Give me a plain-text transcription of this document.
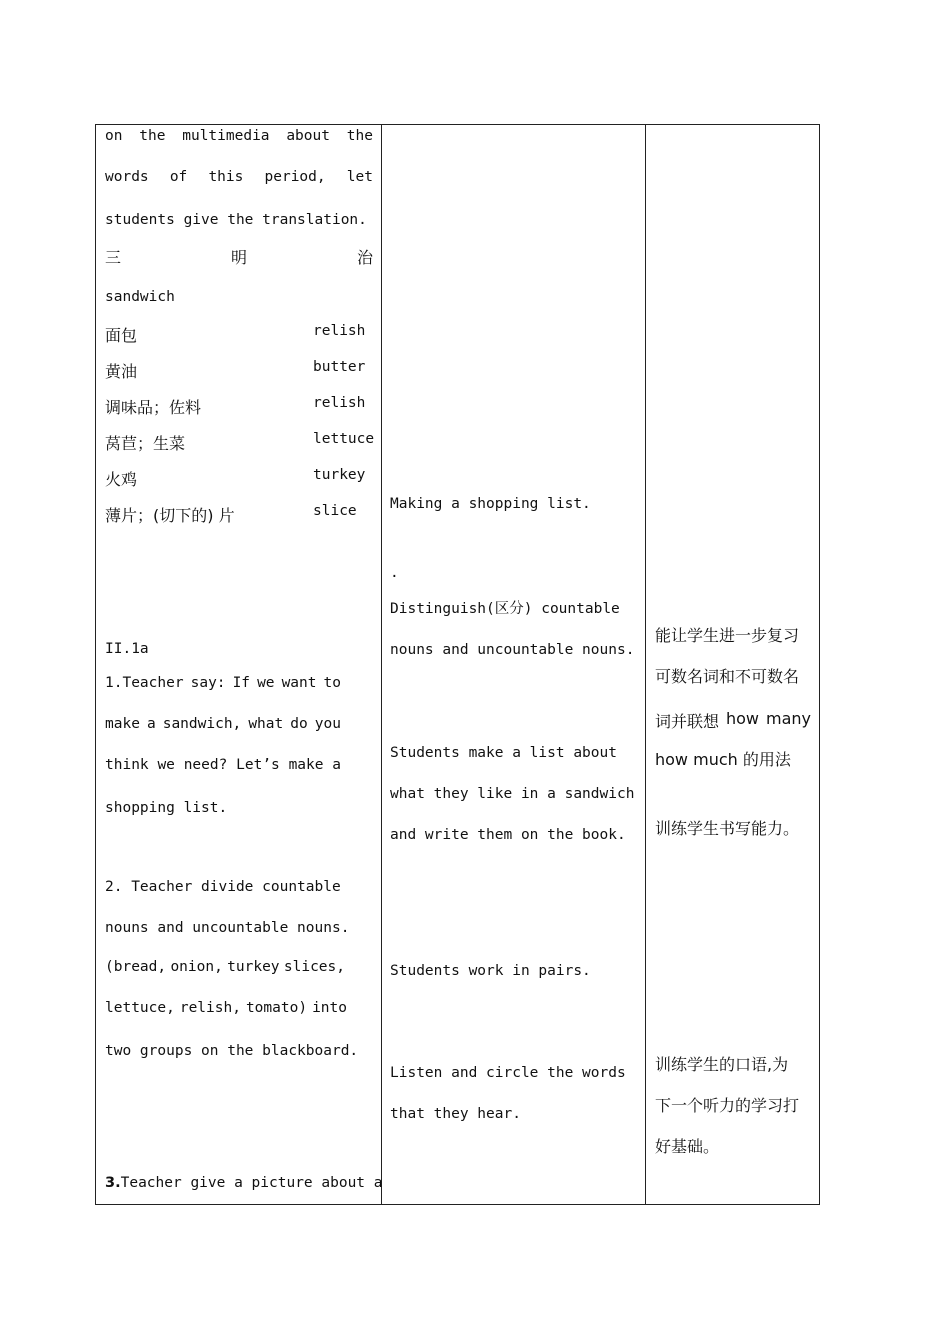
on the multimedia about the
words of this period, let
students give the translation.
三	明	治
sandwich
面包	relish
黄油	butter
调味品；佐料	relish
莴苣；生菜	lettuce
火鸡	turkey
薄片；(切下的) 片	slice
II.1a
1.Teacher say: If we want to
make a sandwich, what do you
think we need? Let’s make a
shopping list.
2. Teacher divide countable
nouns and uncountable nouns.
(bread, onion, turkey slices,
lettuce, relish, tomato) into
two groups on the blackboard.
3.Teacher give a picture about a
Making a shopping list.
.
Distinguish(区分) countable
nouns and uncountable nouns.
Students make a list about
what they like in a sandwich
and write them on the book.
Students work in pairs.
Listen and circle the words
that they hear.
能让学生进一步复习
可数名词和不可数名
词并联想 how many
how much 的用法
训练学生书写能力。
训练学生的口语,为
下一个听力的学习打
好基础。
